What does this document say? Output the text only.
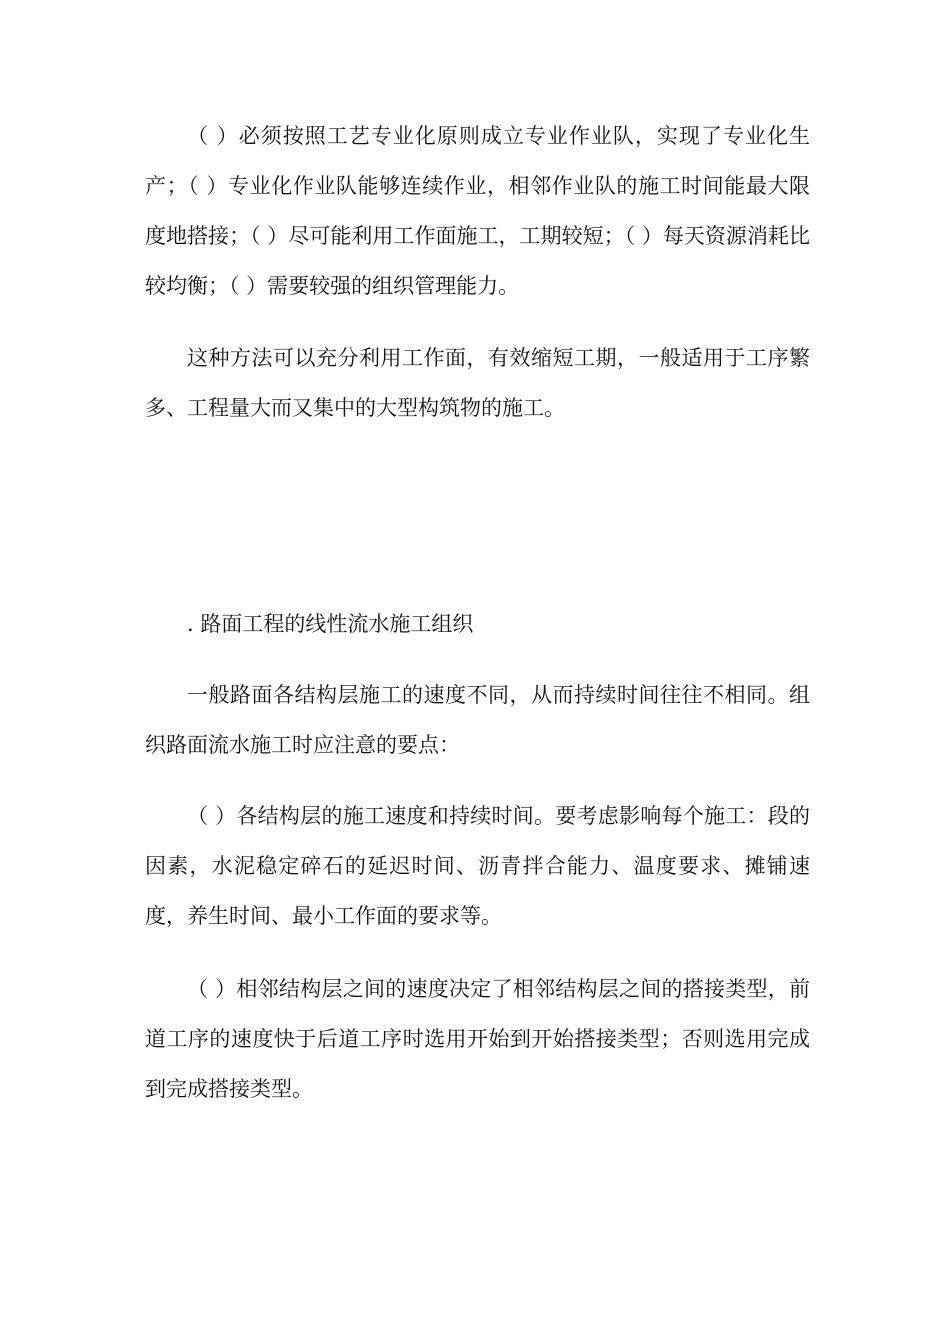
（ ）必须按照工艺专业化原则成立专业作业队，实现了专业化生产；（ ）专业化作业队能够连续作业，相邻作业队的施工时间能最大限度地搭接；（ ）尽可能利用工作面施工，工期较短；（ ）每天资源消耗比较均衡；（ ）需要较强的组织管理能力。

这种方法可以充分利用工作面，有效缩短工期，一般适用于工序繁多、工程量大而又集中的大型构筑物的施工。

. 路面工程的线性流水施工组织

一般路面各结构层施工的速度不同，从而持续时间往往不相同。组织路面流水施工时应注意的要点：

（ ）各结构层的施工速度和持续时间。要考虑影响每个施工：段的因素，水泥稳定碎石的延迟时间、沥青拌合能力、温度要求、摊铺速度，养生时间、最小工作面的要求等。

（ ）相邻结构层之间的速度决定了相邻结构层之间的搭接类型，前道工序的速度快于后道工序时选用开始到开始搭接类型；否则选用完成到完成搭接类型。
